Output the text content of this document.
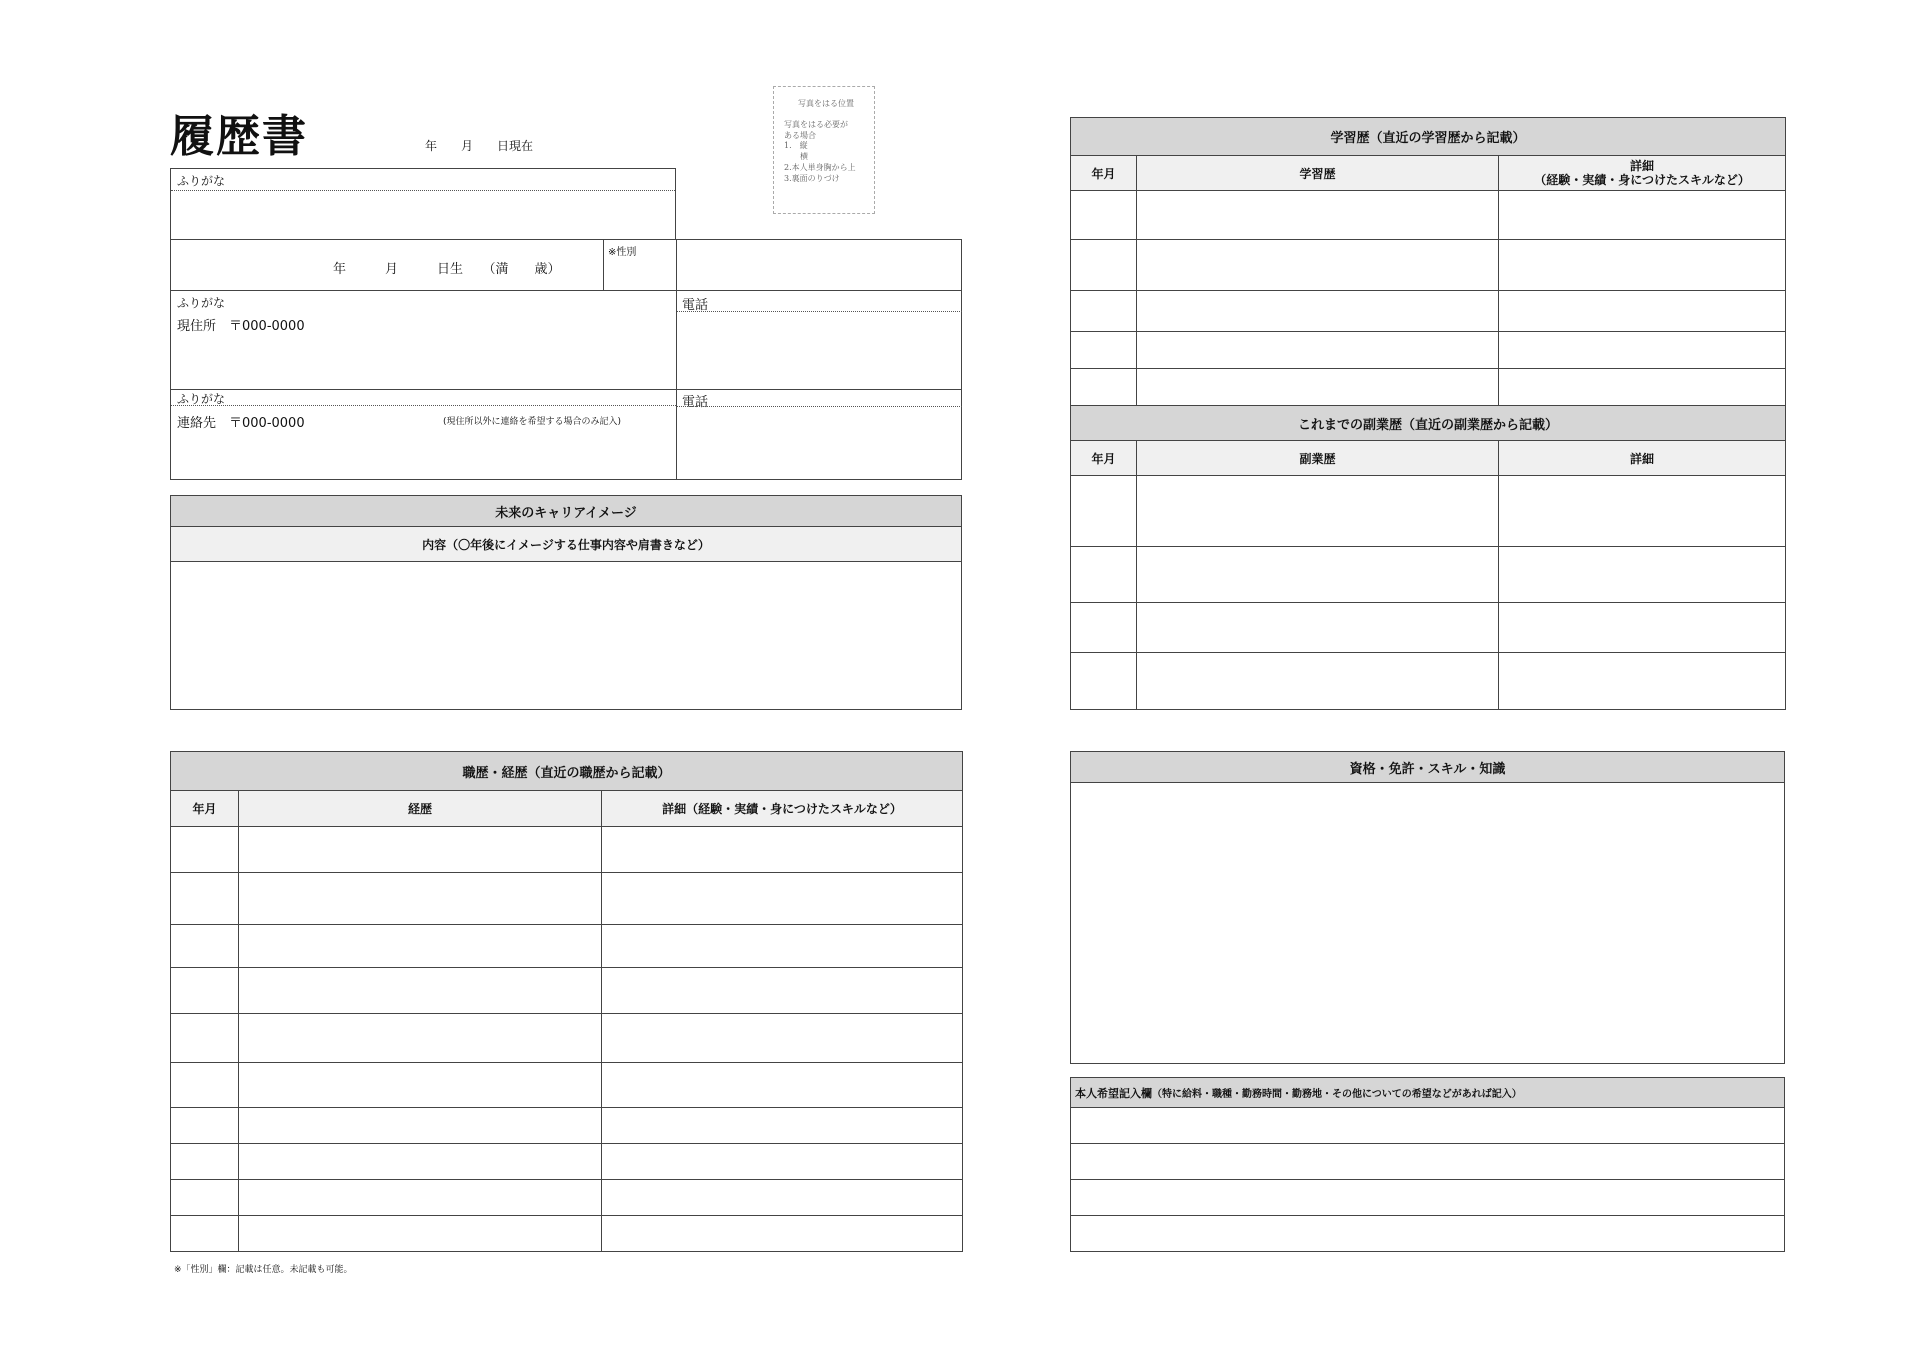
履歴書	年　　月　　日現在
写真をはる位置
写真をはる必要が
ある場合
1.　縦
　　横
2.本人単身胸から上
3.裏面のりづけ
ふりがな
年　　　月　　　日生　　（満　　歳）
※性別
ふりがな
現住所　〒000-0000
電話
ふりがな
連絡先　〒000-0000	(現住所以外に連絡を希望する場合のみ記入)
電話
未来のキャリアイメージ
内容（〇年後にイメージする仕事内容や肩書きなど）

職歴・経歴（直近の職歴から記載）		
年月	経歴	詳細（経験・実績・身につけたスキルなど）

※「性別」欄：記載は任意。未記載も可能。
学習歴（直近の学習歴から記載）		
年月	学習歴	詳細
（経験・実績・身につけたスキルなど）

これまでの副業歴（直近の副業歴から記載）		
年月	副業歴	詳細

資格・免許・スキル・知識

本人希望記入欄（特に給料・職種・勤務時間・勤務地・その他についての希望などがあれば記入）
